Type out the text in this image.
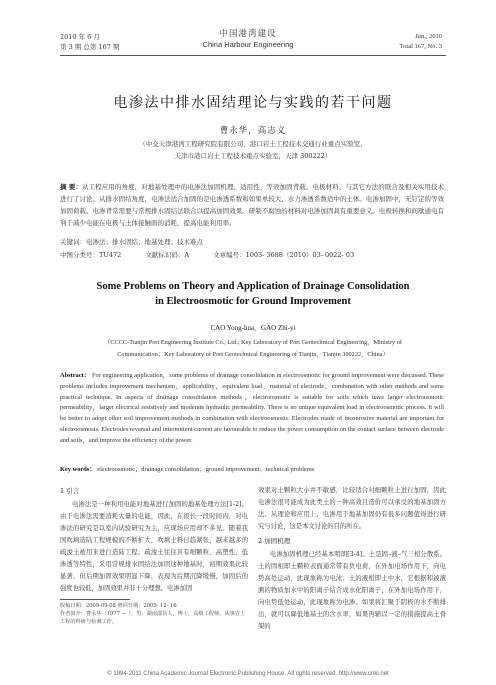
2010 年 6 月
第 3 期 总第 167 期
中国港湾建设
China Harbour Engineering
Jun., 2010
Total 167, No. 3
电渗法中排水固结理论与实践的若干问题
曹永华，高志义
（中交天津港湾工程研究院有限公司，港口岩土工程技术交通行业重点实验室，
天津市港口岩土工程技术重点实验室，天津 300222）
摘 要：从工程应用的角度，对地基处理中的电渗法加固机理、适用性、等效加固背载、电极材料、与其它方法的联合及相关实用技术进行了讨论。从排水固结角度，电渗法适合加固的是电渗透系数和如果单较大、水力渗透系数适中的土体。电渗加固中，无钉定的等效加固荷载。电渗背常需要与常规排水固结法联合以提高加固效果。研制不腐蚀的材料对电渗加固具有重要意义。电极转换和间歇通电有利于减少电能在电极与土体接触面的消耗，提高电能利用率。
关键词：电渗法；排水固结；地基处理；技术难点
中图分类号：TU472	文献标识码：A	文章编号：1003- 3688（2010）03- 0022- 03
Some Problems on Theory and Application of Drainage Consolidation
in Electroosmotic for Ground Improvement
CAO Yong-hua，GAO Zhi-yi
（CCCC-Tianjin Port Engineering Institute Co., Ltd.; Key Laboratory of Port Geotechnical Engineering，Ministry of
Communication；Key Laboratory of Port Geotechnical Engineering of Tianjin，Tianjin 300222，China）
Abstract： For engineering application，some problems of drainage consolidation in electroosmotic for ground improvement were discussed. These problems includes improvement mechanism，applicability，equivalent load，material of electrode，combination with other methods and some practical technique. In aspects of drainage consolidation methods，electroosmotic is suitable for soils which have larger electroosmotic permeability，larger electrical resistively and moderate hydraulic permeability. There is no unique equivalent load in electroosmotic process. It will be better to adopt other soil improvement methods in combination with electroosmosis. Electrodes made of inconrosive material are important for electroosmosis. Electrodes reversal and intermittent current are favourable to reduce the power consumption on the contact surface between electrode and soils，and improve the efficiency of the power.
Key words： electroosmotic；drainage consolidation；ground improvement；technical problems
1 引言

电渗法是一种利用电能对地基进行加固的地基处理方法[1-2]。由于电渗法需要消耗大量的电能，因此，在很长一段时间内，对电渗法的研究是以室内试验研究为主，应现场应用却不多见。随着我国吹填造陆工程规模的不断扩大，吹填土料日趋紧张，越来越多的疏浚土被用来进行造陆工程。疏浚土往往具有细颗粒、高塑性、低渗透等特性，采用常规排水固结法加固这种地基时，初期效果比较显著，但后期加固效果明显下降，表现为后期沉降缓慢，加固后的强度也较低，加固效果并非十分理想。电渗加固

收稿日期：2009-09-08 修回日期：2009- 12- 16
作者简介：曹永华（1977 — ），男，湖南邵县人，博士，高级工程师，从事岩土工程的科研与检测工作。

效果对土颗粒大小并不敏感，比较适合对细颗粒土进行加固，因此电渗法很可能成为此类土的一种高效且造价可以承受的地基加固方法。从理论和应用上，电渗用于地基加固仍有很多问题值得进行研究与讨论，这是本文讨论的目的所在。

2 加固机理

电渗加固机理已经基本明朗[3-4]。土是固–液–气三相分散系。土的固相即土颗粒表面通常带有负电荷，在外加电场作用下，向电势高处运动，此现象称为电泳；土的液相即土中水，它根据和被液测的物质加水中的阳离子结合成水化阳离子，在外加电场作用下，向电势低处运动，此现象称为电渗。如果将汇聚于阴极的水不断排出，就可以降低地基土的含水率，如果再辅以一定的措施提高土骨架的

© 1994-2011 China Academic Journal Electronic Publishing House. All rights reserved. http://www.cnki.net
